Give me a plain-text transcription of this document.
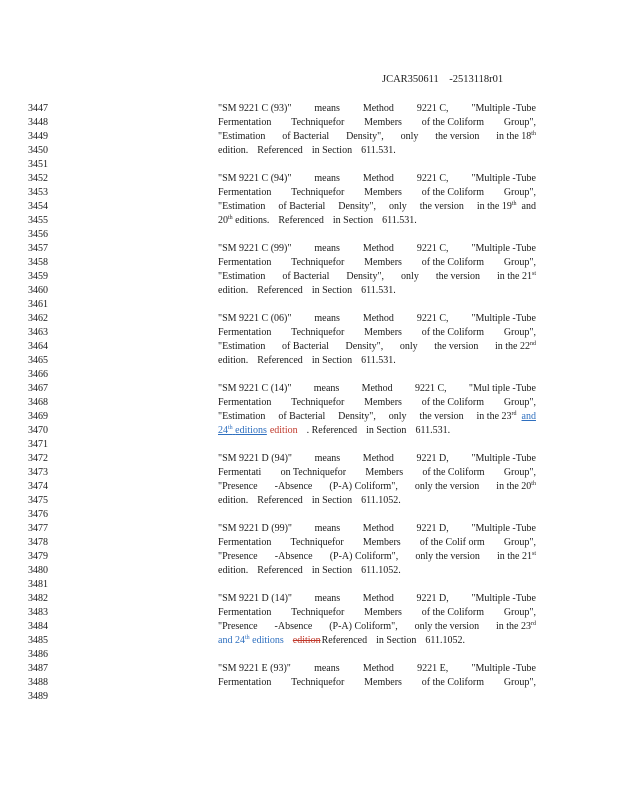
JCAR350611    -2513118r01
3447
3448
3449
3450
3451
3452
3453
3454
3455
3456
3457
3458
3459
3460
3461
3462
3463
3464
3465
3466
3467
3468
3469
3470
3471
3472
3473
3474
3475
3476
3477
3478
3479
3480
3481
3482
3483
3484
3485
3486
3487
3488
3489
"SM 9221 C (93)" means Method 9221 C, "Multiple -Tube
Fermentation Techniquefor Members of the Coliform Group",
"Estimation of Bacterial Density", only the version in the 18th
edition. Referenced in Section 611.531.
"SM 9221 C (94)" means Method 9221 C, "Multiple -Tube
Fermentation Techniquefor Members of the Coliform Group",
"Estimation of Bacterial Density", only the version in the 19th and
20th editions. Referenced in Section 611.531.
"SM 9221 C (99)" means Method 9221 C, "Multiple -Tube
Fermentation Techniquefor Members of the Coliform Group",
"Estimation of Bacterial Density", only the version in the 21st
edition. Referenced in Section 611.531.
"SM 9221 C (06)" means Method 9221 C, "Multiple -Tube
Fermentation Techniquefor Members of the Coliform Group",
"Estimation of Bacterial Density", only the version in the 22nd
edition. Referenced in Section 611.531.
"SM 9221 C (14)" means Method 9221 C, "Mul tiple -Tube
Fermentation Techniquefor Members of the Coliform Group",
"Estimation of Bacterial Density", only the version in the 23rd and
24th editions edition . Referenced in Section 611.531.
"SM 9221 D (94)" means Method 9221 D, "Multiple -Tube
Fermentati on Techniquefor Members of the Coliform Group",
"Presence -Absence (P-A) Coliform", only the version in the 20th
edition. Referenced in Section 611.1052.
"SM 9221 D (99)" means Method 9221 D, "Multiple -Tube
Fermentation Techniquefor Members of the Colif orm Group",
"Presence -Absence (P-A) Coliform", only the version in the 21st
edition. Referenced in Section 611.1052.
"SM 9221 D (14)" means Method 9221 D, "Multiple -Tube
Fermentation Techniquefor Members of the Coliform Group",
"Presence -Absence (P-A) Coliform", only the version in the 23rd
and 24th editions edition Referenced in Section 611.1052.
"SM 9221 E (93)" means Method 9221 E, "Multiple -Tube
Fermentation Techniquefor Members of the Coliform Group",
